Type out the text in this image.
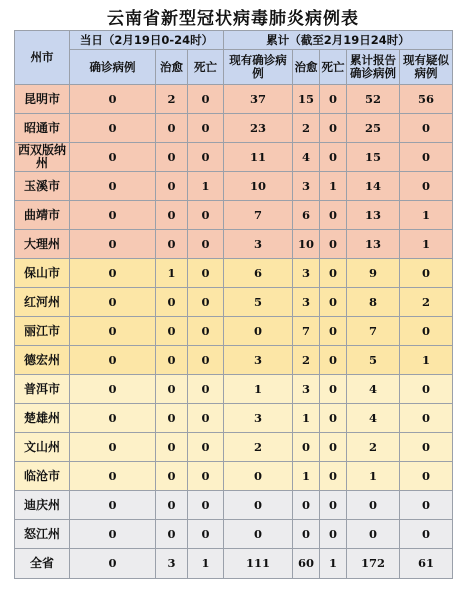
云南省新型冠状病毒肺炎病例表
州市	当日（2月19日0-24时）			累计（截至2月19日24时）				
	确诊病例	治愈	死亡	现有确诊病例	治愈	死亡	累计报告确诊病例	现有疑似病例
昆明市	0	2	0	37	15	0	52	56
昭通市	0	0	0	23	2	0	25	0
西双版纳州	0	0	0	11	4	0	15	0
玉溪市	0	0	1	10	3	1	14	0
曲靖市	0	0	0	7	6	0	13	1
大理州	0	0	0	3	10	0	13	1
保山市	0	1	0	6	3	0	9	0
红河州	0	0	0	5	3	0	8	2
丽江市	0	0	0	0	7	0	7	0
德宏州	0	0	0	3	2	0	5	1
普洱市	0	0	0	1	3	0	4	0
楚雄州	0	0	0	3	1	0	4	0
文山州	0	0	0	2	0	0	2	0
临沧市	0	0	0	0	1	0	1	0
迪庆州	0	0	0	0	0	0	0	0
怒江州	0	0	0	0	0	0	0	0
全省	0	3	1	111	60	1	172	61
